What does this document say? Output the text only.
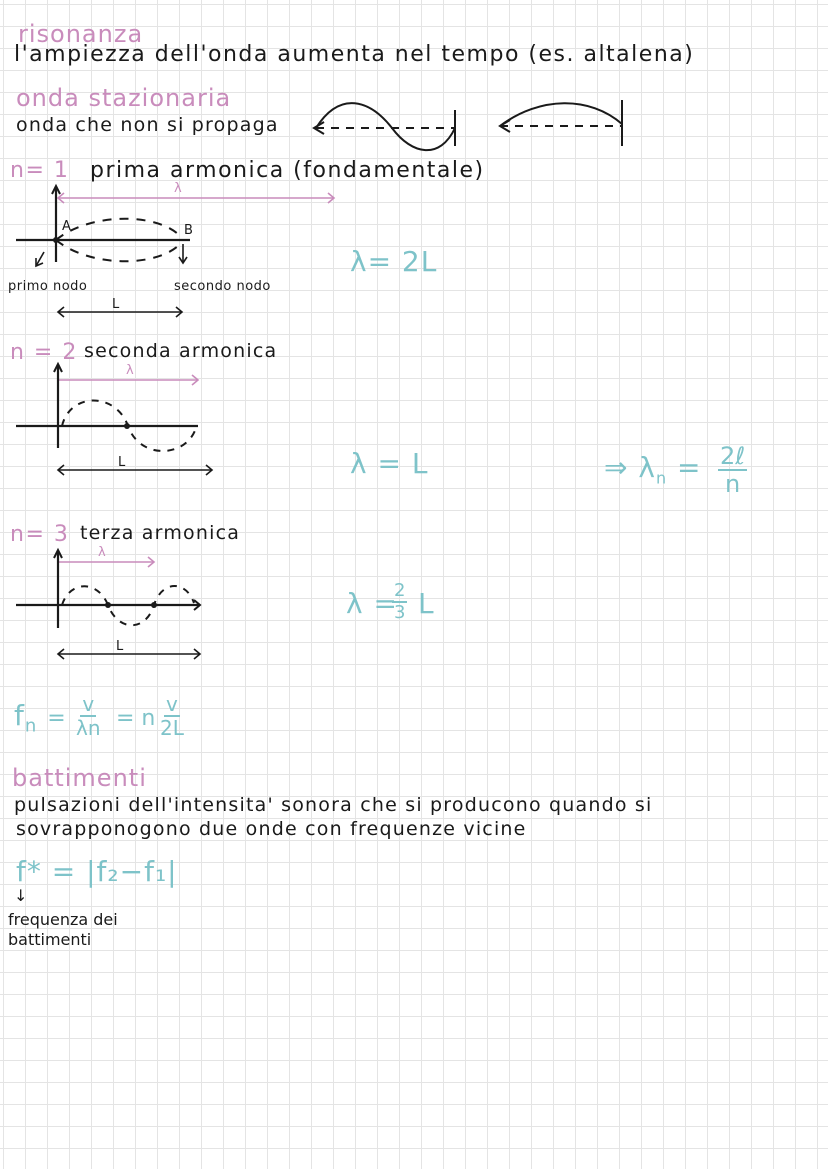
risonanza
l'ampiezza dell'onda aumenta nel tempo (es. altalena)
onda stazionaria
onda che non si propaga
n= 1 prima armonica (fondamentale)
λ
A	B
primo nodo	secondo nodo
L
λ= 2L
n = 2 seconda armonica
λ
L	λ = L	⇒ $\lambda_n$ = 2ℓ
n
n= 3 terza armonica
λ
L
λ =
$\frac{2}{3}$ L
$f_n = \frac{v}{\lambda n} = n \frac{v}{2L}$
battimenti
pulsazioni dell'intensita' sonora che si producono quando si
sovrapponogono due onde con frequenze vicine
f* = |f₂−f₁|
↓
frequenza dei
battimenti
